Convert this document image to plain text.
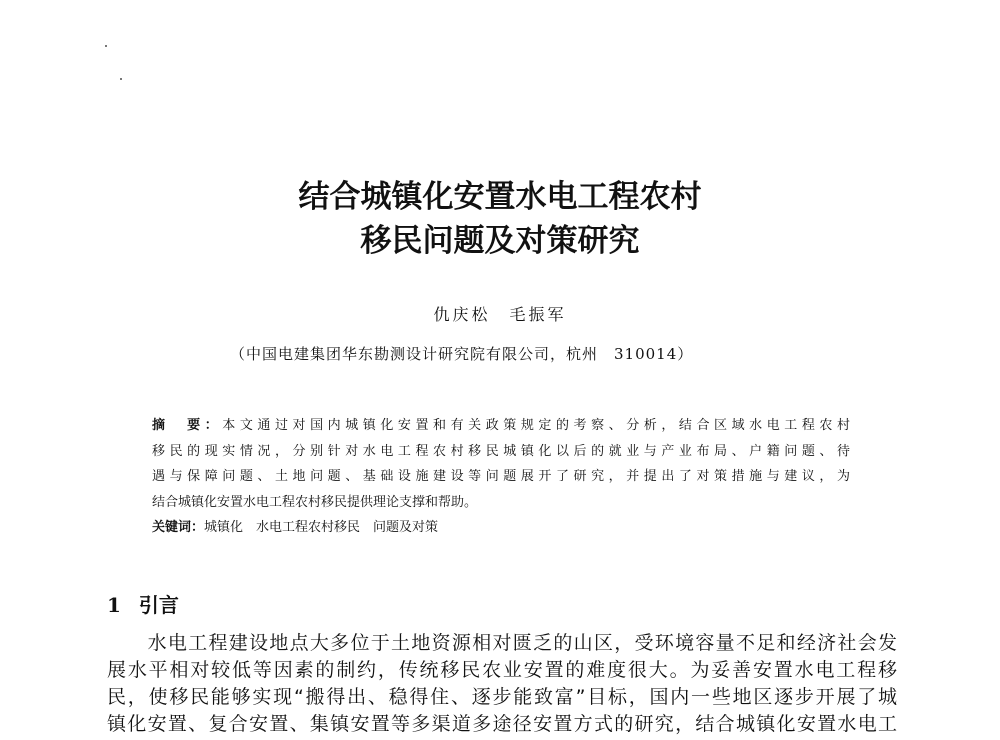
结合城镇化安置水电工程农村
移民问题及对策研究
仇庆松　毛振军
（中国电建集团华东勘测设计研究院有限公司，杭州　310014）
摘　要：本文通过对国内城镇化安置和有关政策规定的考察、分析，结合区域水电工程农村
移民的现实情况，分别针对水电工程农村移民城镇化以后的就业与产业布局、户籍问题、待
遇与保障问题、土地问题、基础设施建设等问题展开了研究，并提出了对策措施与建议，为
结合城镇化安置水电工程农村移民提供理论支撑和帮助。
关键词：城镇化　水电工程农村移民　问题及对策
1 引言
　　水电工程建设地点大多位于土地资源相对匮乏的山区，受环境容量不足和经济社会发
展水平相对较低等因素的制约，传统移民农业安置的难度很大。为妥善安置水电工程移
民，使移民能够实现“搬得出、稳得住、逐步能致富”目标，国内一些地区逐步开展了城
镇化安置、复合安置、集镇安置等多渠道多途径安置方式的研究，结合城镇化安置水电工
